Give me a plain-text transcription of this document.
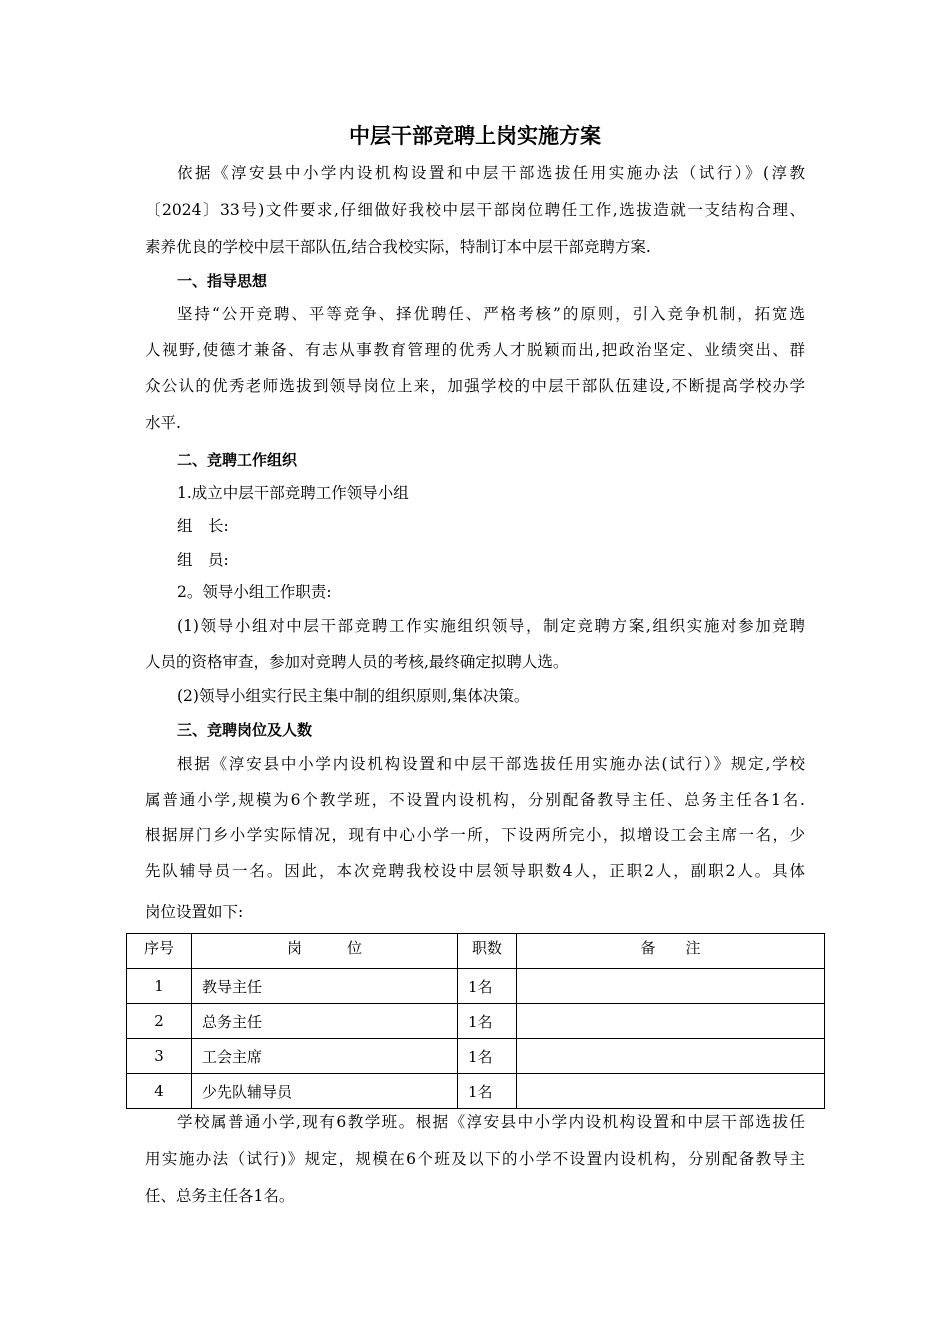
中层干部竞聘上岗实施方案
依据《淳安县中小学内设机构设置和中层干部选拔任用实施办法（试行）》(淳教
〔2024〕33号)文件要求,仔细做好我校中层干部岗位聘任工作,选拔造就一支结构合理、
素养优良的学校中层干部队伍,结合我校实际，特制订本中层干部竞聘方案.
一、指导思想
坚持“公开竞聘、平等竞争、择优聘任、严格考核”的原则，引入竞争机制，拓宽选
人视野,使德才兼备、有志从事教育管理的优秀人才脱颖而出,把政治坚定、业绩突出、群
众公认的优秀老师选拔到领导岗位上来，加强学校的中层干部队伍建设,不断提高学校办学
水平.
二、竞聘工作组织
1.成立中层干部竞聘工作领导小组
组　长:
组　员:
2。领导小组工作职责:
(1)领导小组对中层干部竞聘工作实施组织领导，制定竞聘方案,组织实施对参加竞聘
人员的资格审查，参加对竞聘人员的考核,最终确定拟聘人选。
(2)领导小组实行民主集中制的组织原则,集体决策。
三、竞聘岗位及人数
根据《淳安县中小学内设机构设置和中层干部选拔任用实施办法(试行）》规定,学校
属普通小学,规模为6个教学班，不设置内设机构，分别配备教导主任、总务主任各1名.
根据屏门乡小学实际情况，现有中心小学一所，下设两所完小，拟增设工会主席一名，少
先队辅导员一名。因此，本次竞聘我校设中层领导职数4人，正职2人，副职2人。具体
岗位设置如下:
学校属普通小学,现有6教学班。根据《淳安县中小学内设机构设置和中层干部选拔任
用实施办法（试行)》规定，规模在6个班及以下的小学不设置内设机构，分别配备教导主
任、总务主任各1名。
序号	岗　　　位	职数	备　　注
1	教导主任	1名	
2	总务主任	1名	
3	工会主席	1名	
4	少先队辅导员	1名	
